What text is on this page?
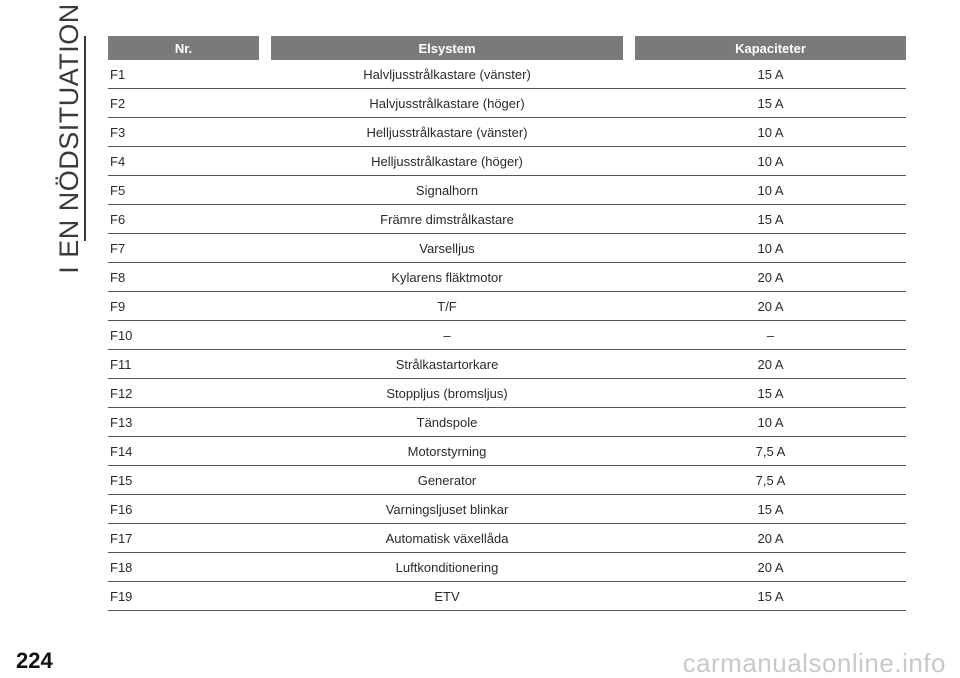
I EN NÖDSITUATION	Nr.	Elsystem	Kapaciteter
F1	Halvljusstrålkastare (vänster)	15 A
F2	Halvjusstrålkastare (höger)	15 A
F3	Helljusstrålkastare (vänster)	10 A
F4	Helljusstrålkastare (höger)	10 A
F5	Signalhorn	10 A
F6	Främre dimstrålkastare	15 A
F7	Varselljus	10 A
F8	Kylarens fläktmotor	20 A
F9	T/F	20 A
F10	–	–
F11	Strålkastartorkare	20 A
F12	Stoppljus (bromsljus)	15 A
F13	Tändspole	10 A
F14	Motorstyrning	7,5 A
F15	Generator	7,5 A
F16	Varningsljuset blinkar	15 A
F17	Automatisk växellåda	20 A
F18	Luftkonditionering	20 A
F19	ETV	15 A
224	carmanualsonline.info
